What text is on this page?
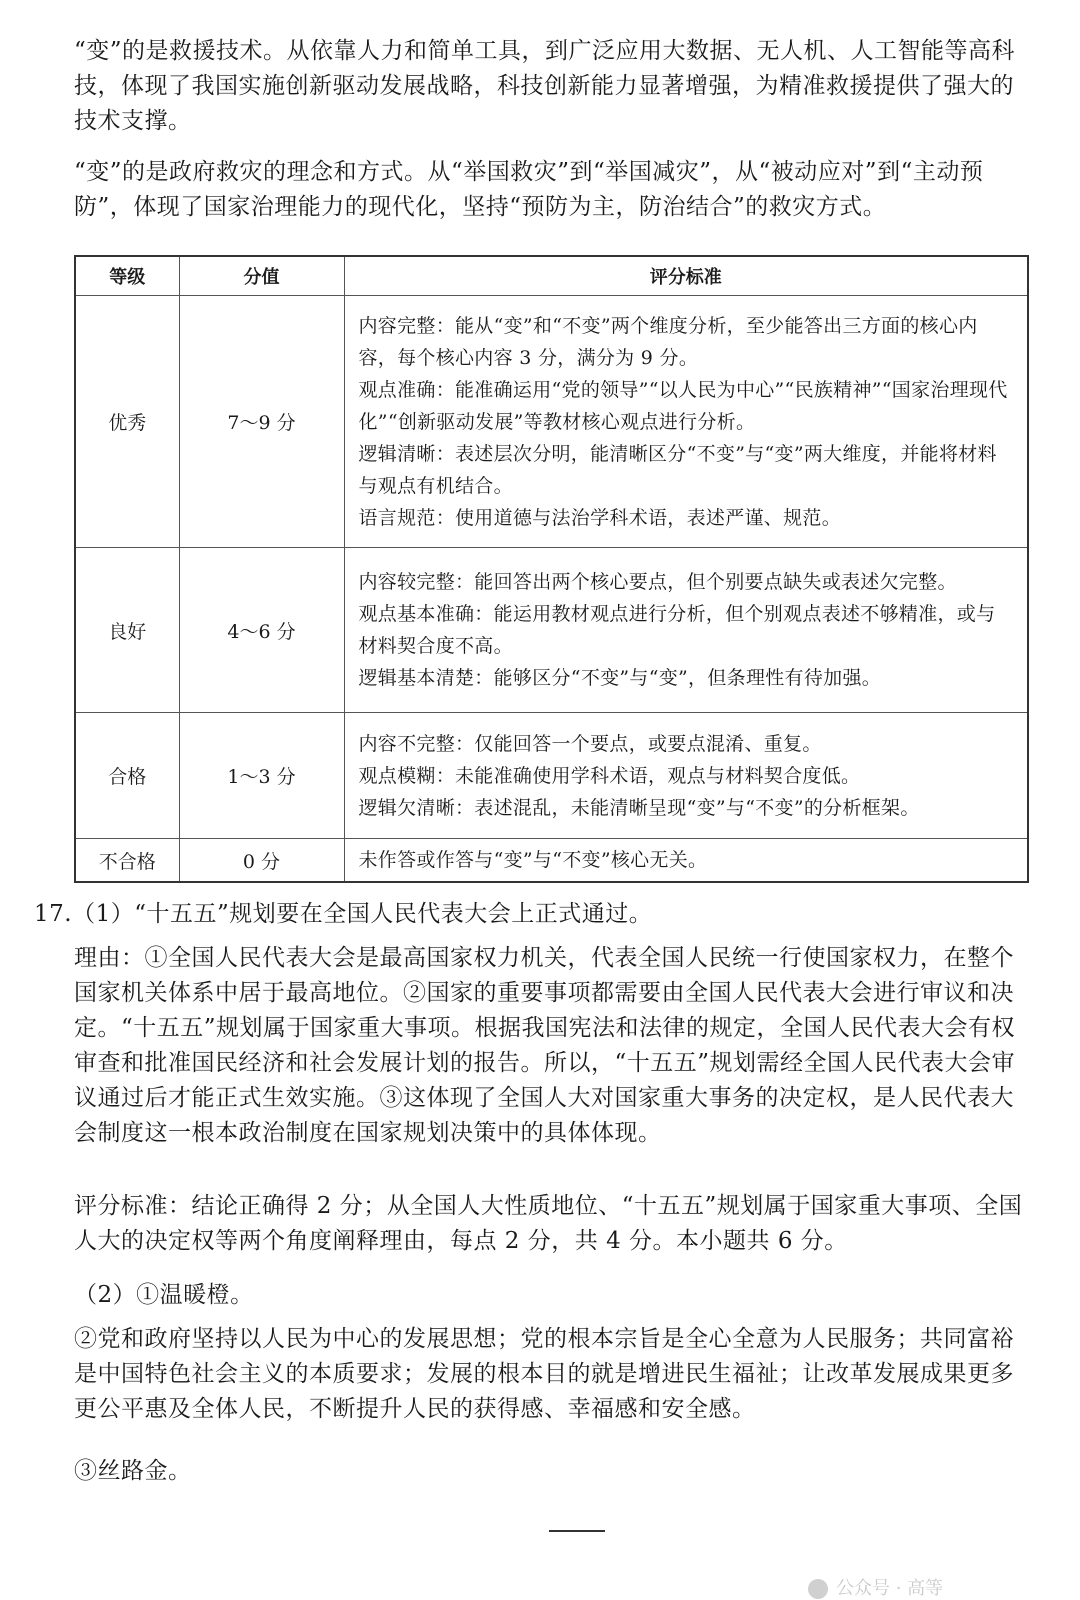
“变”的是救援技术。从依靠人力和简单工具，到广泛应用大数据、无人机、人工智能等高科技，体现了我国实施创新驱动发展战略，科技创新能力显著增强，为精准救援提供了强大的技术支撑。

“变”的是政府救灾的理念和方式。从“举国救灾”到“举国减灾”，从“被动应对”到“主动预防”，体现了国家治理能力的现代化，坚持“预防为主，防治结合”的救灾方式。

等级	分值	评分标准
优秀	7～9 分	内容完整：能从“变”和“不变”两个维度分析，至少能答出三方面的核心内容，每个核心内容 3 分，满分为 9 分。
观点准确：能准确运用“党的领导”“以人民为中心”“民族精神”“国家治理现代化”“创新驱动发展”等教材核心观点进行分析。
逻辑清晰：表述层次分明，能清晰区分“不变”与“变”两大维度，并能将材料与观点有机结合。
语言规范：使用道德与法治学科术语，表述严谨、规范。

良好	4～6 分	内容较完整：能回答出两个核心要点，但个别要点缺失或表述欠完整。
观点基本准确：能运用教材观点进行分析，但个别观点表述不够精准，或与材料契合度不高。
逻辑基本清楚：能够区分“不变”与“变”，但条理性有待加强。

合格	1～3 分	内容不完整：仅能回答一个要点，或要点混淆、重复。
观点模糊：未能准确使用学科术语，观点与材料契合度低。
逻辑欠清晰：表述混乱，未能清晰呈现“变”与“不变”的分析框架。

不合格	0 分	未作答或作答与“变”与“不变”核心无关。

17.（1）“十五五”规划要在全国人民代表大会上正式通过。

理由：①全国人民代表大会是最高国家权力机关，代表全国人民统一行使国家权力，在整个国家机关体系中居于最高地位。②国家的重要事项都需要由全国人民代表大会进行审议和决定。“十五五”规划属于国家重大事项。根据我国宪法和法律的规定，全国人民代表大会有权审查和批准国民经济和社会发展计划的报告。所以，“十五五”规划需经全国人民代表大会审议通过后才能正式生效实施。③这体现了全国人大对国家重大事务的决定权，是人民代表大会制度这一根本政治制度在国家规划决策中的具体体现。

评分标准：结论正确得 2 分；从全国人大性质地位、“十五五”规划属于国家重大事项、全国人大的决定权等两个角度阐释理由，每点 2 分，共 4 分。本小题共 6 分。

（2）①温暖橙。

②党和政府坚持以人民为中心的发展思想；党的根本宗旨是全心全意为人民服务；共同富裕是中国特色社会主义的本质要求；发展的根本目的就是增进民生福祉；让改革发展成果更多更公平惠及全体人民，不断提升人民的获得感、幸福感和安全感。

③丝路金。

公众号 · 高等
